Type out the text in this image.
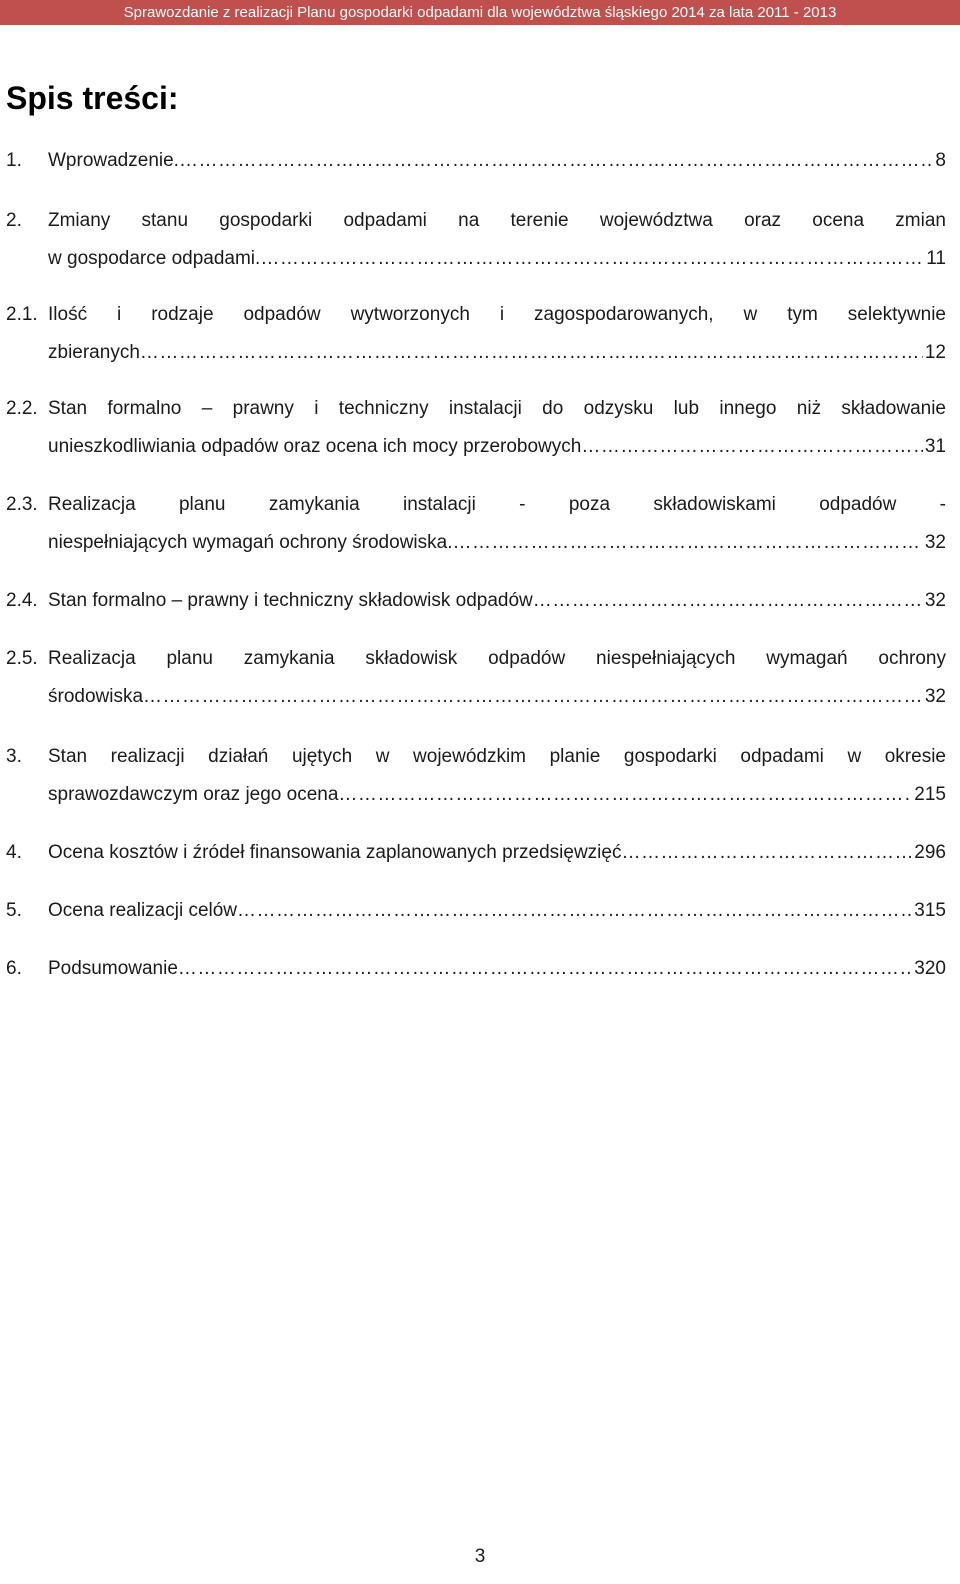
Sprawozdanie z realizacji Planu gospodarki odpadami dla województwa śląskiego 2014 za lata 2011 - 2013
Spis treści:
1. Wprowadzenie. ……………………………………………………………………………………………………………………………………………………………	8
2. Zmiany stanu gospodarki odpadami na terenie województwa oraz ocena zmian
w gospodarce odpadami. ……………………………………………………………………………………………………………………………………………………………	11
2.1. Ilość i rodzaje odpadów wytworzonych i zagospodarowanych, w tym selektywnie
zbieranych ……………………………………………………………………………………………………………………………………………………………	12
2.2. Stan formalno – prawny i techniczny instalacji do odzysku lub innego niż składowanie
unieszkodliwiania odpadów oraz ocena ich mocy przerobowych ……………………………………………………………………………………………………………………………………………………………	31
2.3. Realizacja planu zamykania instalacji - poza składowiskami odpadów -
niespełniających wymagań ochrony środowiska. ……………………………………………………………………………………………………………………………………………………………	32
2.4. Stan formalno – prawny i techniczny składowisk odpadów ……………………………………………………………………………………………………………………………………………………………	32
2.5. Realizacja planu zamykania składowisk odpadów niespełniających wymagań ochrony
środowiska ……………………………………………………………………………………………………………………………………………………………	32
3. Stan realizacji działań ujętych w wojewódzkim planie gospodarki odpadami w okresie
sprawozdawczym oraz jego ocena ……………………………………………………………………………………………………………………………………………………………	215
4. Ocena kosztów i źródeł finansowania zaplanowanych przedsięwzięć ……………………………………………………………………………………………………………………………………………………………	296
5. Ocena realizacji celów ……………………………………………………………………………………………………………………………………………………………	315
6. Podsumowanie ……………………………………………………………………………………………………………………………………………………………	320
3
